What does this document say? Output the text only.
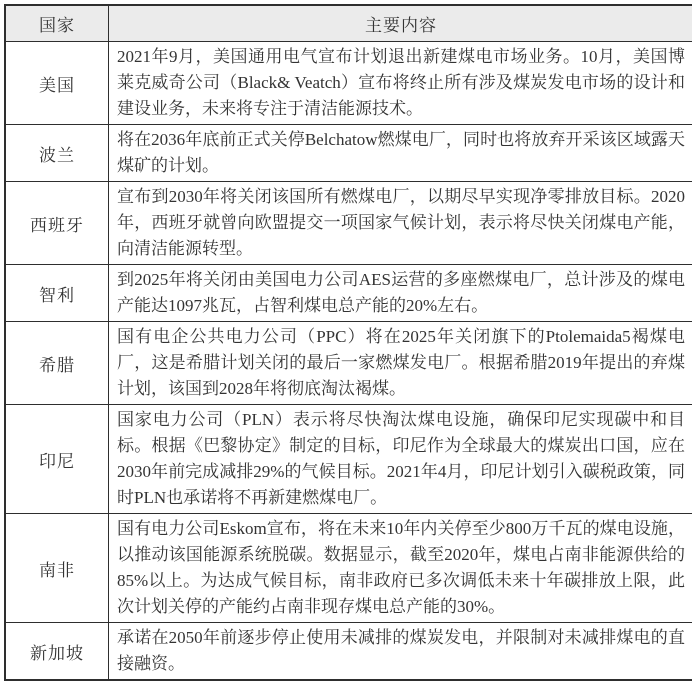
国家	主要内容
美国	2021年9月，美国通用电气宣布计划退出新建煤电市场业务。10月，美国博莱克威奇公司（Black& Veatch）宣布将终止所有涉及煤炭发电市场的设计和建设业务，未来将专注于清洁能源技术。
波兰	将在2036年底前正式关停Belchatow燃煤电厂，同时也将放弃开采该区域露天煤矿的计划。
西班牙	宣布到2030年将关闭该国所有燃煤电厂，以期尽早实现净零排放目标。2020年，西班牙就曾向欧盟提交一项国家气候计划，表示将尽快关闭煤电产能，向清洁能源转型。
智利	到2025年将关闭由美国电力公司AES运营的多座燃煤电厂，总计涉及的煤电产能达1097兆瓦，占智利煤电总产能的20%左右。
希腊	国有电企公共电力公司（PPC）将在2025年关闭旗下的Ptolemaida5褐煤电厂，这是希腊计划关闭的最后一家燃煤发电厂。根据希腊2019年提出的弃煤计划，该国到2028年将彻底淘汰褐煤。
印尼	国家电力公司（PLN）表示将尽快淘汰煤电设施，确保印尼实现碳中和目标。根据《巴黎协定》制定的目标，印尼作为全球最大的煤炭出口国，应在2030年前完成减排29%的气候目标。2021年4月，印尼计划引入碳税政策，同时PLN也承诺将不再新建燃煤电厂。
南非	国有电力公司Eskom宣布，将在未来10年内关停至少800万千瓦的煤电设施，以推动该国能源系统脱碳。数据显示，截至2020年，煤电占南非能源供给的85%以上。为达成气候目标，南非政府已多次调低未来十年碳排放上限，此次计划关停的产能约占南非现存煤电总产能的30%。
新加坡	承诺在2050年前逐步停止使用未减排的煤炭发电，并限制对未减排煤电的直接融资。
